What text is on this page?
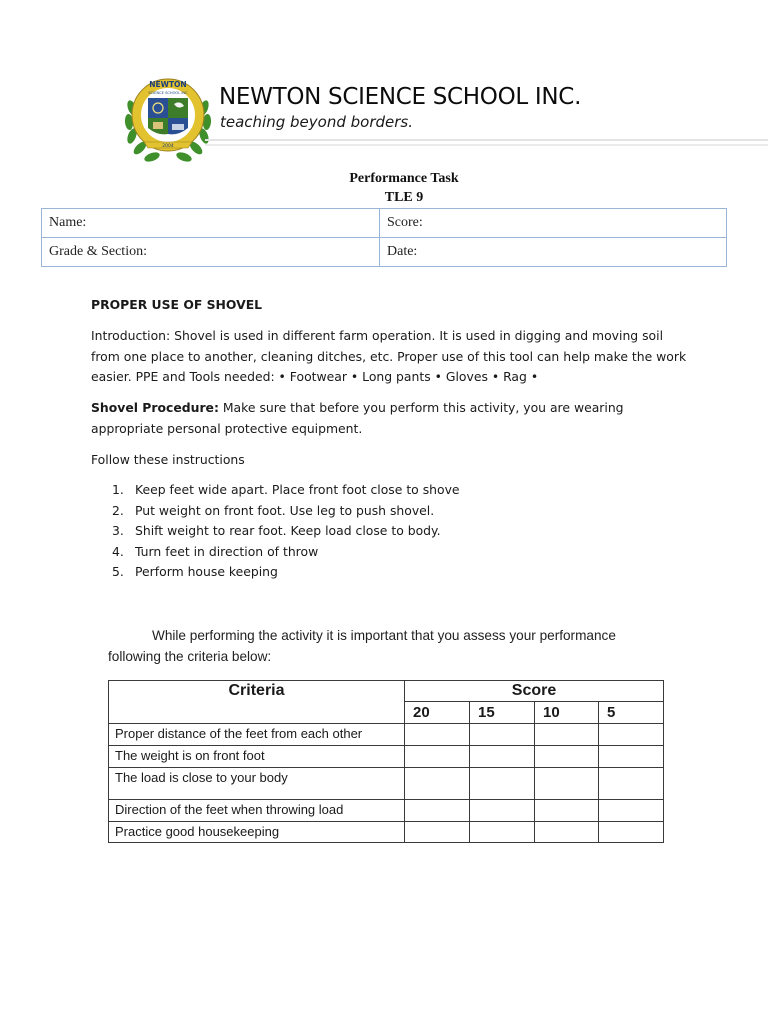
NEWTON
SCIENCE SCHOOL INC
2004
NEWTON SCIENCE SCHOOL INC.
teaching beyond borders.
Performance Task
TLE 9
Name:	Score:
Grade & Section:	Date:
PROPER USE OF SHOVEL
Introduction: Shovel is used in different farm operation. It is used in digging and moving soil from one place to another, cleaning ditches, etc. Proper use of this tool can help make the work easier. PPE and Tools needed: • Footwear • Long pants • Gloves • Rag •
Shovel Procedure: Make sure that before you perform this activity, you are wearing appropriate personal protective equipment.
Follow these instructions
1. Keep feet wide apart. Place front foot close to shove
2. Put weight on front foot. Use leg to push shovel.
3. Shift weight to rear foot. Keep load close to body.
4. Turn feet in direction of throw
5. Perform house keeping
While performing the activity it is important that you assess your performance
following the criteria below:
Criteria	Score			
	20	15	10	5
Proper distance of the feet from each other				
The weight is on front foot				
The load is close to your body				
Direction of the feet when throwing load				
Practice good housekeeping				
